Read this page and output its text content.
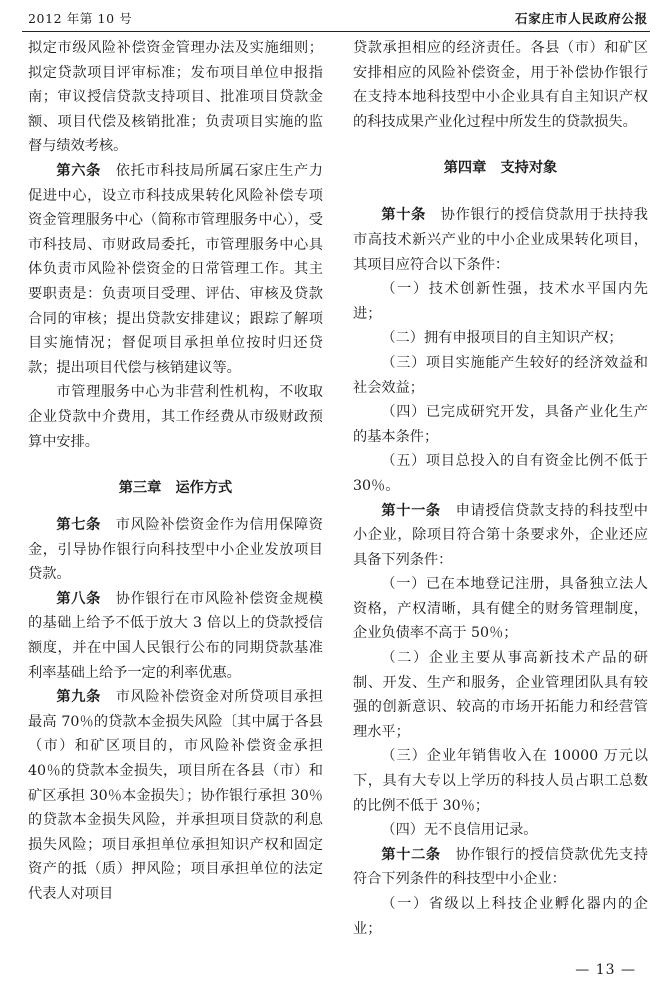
2012 年第 10 号	石家庄市人民政府公报

拟定市级风险补偿资金管理办法及实施细则；拟定贷款项目评审标准；发布项目单位申报指南；审议授信贷款支持项目、批准项目贷款金额、项目代偿及核销批准；负责项目实施的监督与绩效考核。

第六条　 依托市科技局所属石家庄生产力促进中心，设立市科技成果转化风险补偿专项资金管理服务中心（简称市管理服务中心），受市科技局、市财政局委托，市管理服务中心具体负责市风险补偿资金的日常管理工作。其主要职责是：负责项目受理、评估、审核及贷款合同的审核；提出贷款安排建议；跟踪了解项目实施情况；督促项目承担单位按时归还贷款；提出项目代偿与核销建议等。

市管理服务中心为非营利性机构，不收取企业贷款中介费用，其工作经费从市级财政预算中安排。

第三章　运作方式

第七条　 市风险补偿资金作为信用保障资金，引导协作银行向科技型中小企业发放项目贷款。

第八条　 协作银行在市风险补偿资金规模的基础上给予不低于放大 3 倍以上的贷款授信额度，并在中国人民银行公布的同期贷款基准利率基础上给予一定的利率优惠。

第九条　 市风险补偿资金对所贷项目承担最高 70％的贷款本金损失风险〔其中属于各县（市）和矿区项目的，市风险补偿资金承担 40％的贷款本金损失，项目所在各县（市）和矿区承担 30％本金损失〕；协作银行承担 30％的贷款本金损失风险，并承担项目贷款的利息损失风险；项目承担单位承担知识产权和固定资产的抵（质）押风险；项目承担单位的法定代表人对项目

贷款承担相应的经济责任。各县（市）和矿区安排相应的风险补偿资金，用于补偿协作银行在支持本地科技型中小企业具有自主知识产权的科技成果产业化过程中所发生的贷款损失。

第四章　支持对象

第十条　 协作银行的授信贷款用于扶持我市高技术新兴产业的中小企业成果转化项目，其项目应符合以下条件：

（一）技术创新性强，技术水平国内先进；

（二）拥有申报项目的自主知识产权；

（三）项目实施能产生较好的经济效益和社会效益；

（四）已完成研究开发，具备产业化生产的基本条件；

（五）项目总投入的自有资金比例不低于 30％。

第十一条　 申请授信贷款支持的科技型中小企业，除项目符合第十条要求外，企业还应具备下列条件：

（一）已在本地登记注册，具备独立法人资格，产权清晰，具有健全的财务管理制度，企业负债率不高于 50％；

（二）企业主要从事高新技术产品的研制、开发、生产和服务，企业管理团队具有较强的创新意识、较高的市场开拓能力和经营管理水平；

（三）企业年销售收入在 10000 万元以下，具有大专以上学历的科技人员占职工总数的比例不低于 30％；

（四）无不良信用记录。

第十二条　 协作银行的授信贷款优先支持符合下列条件的科技型中小企业：

（一）省级以上科技企业孵化器内的企业；

— 13 —
